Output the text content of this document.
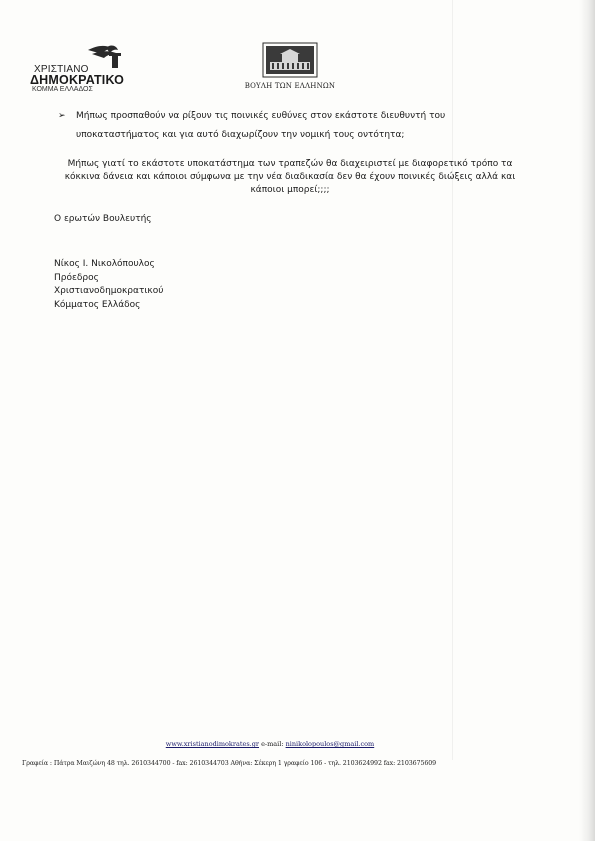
ΧΡΙΣΤΙΑΝΟ
ΔΗΜΟΚΡΑΤΙΚΟ
ΚΟΜΜΑ ΕΛΛΑΔΟΣ	ΒΟΥΛΗ ΤΩΝ ΕΛΛΗΝΩΝ
➢	Μήπως προσπαθούν να ρίξουν τις ποινικές ευθύνες στον εκάστοτε διευθυντή του
υποκαταστήματος και για αυτό διαχωρίζουν την νομική τους οντότητα;
Μήπως γιατί το εκάστοτε υποκατάστημα των τραπεζών θα διαχειριστεί με διαφορετικό τρόπο τα
κόκκινα δάνεια και κάποιοι σύμφωνα με την νέα διαδικασία δεν θα έχουν ποινικές διώξεις αλλά και
κάποιοι μπορεί;;;;
Ο ερωτών Βουλευτής
Νίκος Ι. Νικολόπουλος
Πρόεδρος
Χριστιανοδημοκρατικού
Κόμματος Ελλάδος
www.xristianodimokrates.gr e-mail: ninikolopoulos@gmail.com
Γραφεία : Πάτρα Μαιζώνη 48 τηλ. 2610344700 - fax: 2610344703 Αθήνα: Σέκερη 1 γραφείο 106 - τηλ. 2103624992 fax: 2103675609
